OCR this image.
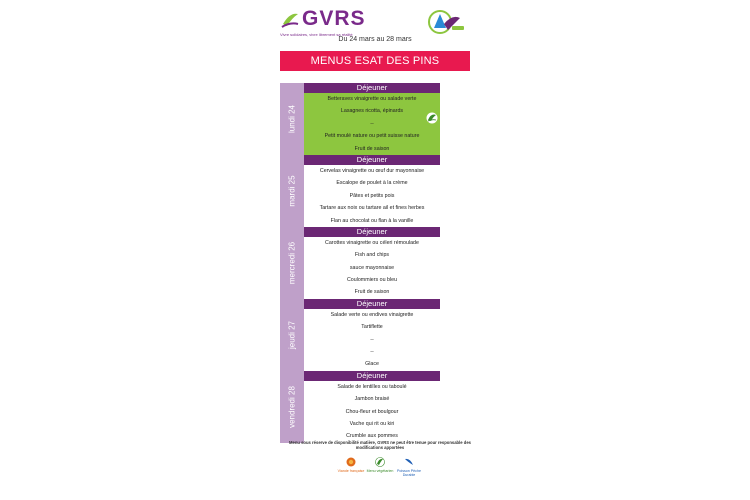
GVRS
Vivre solidaires, vivre librement sa réalité
Du 24 mars au 28 mars
MENUS ESAT DES PINS
lundi 24
Déjeuner
Betteraves vinaigrette ou salade verte
Lasagnes ricotta, épinards
--
Petit moulé nature ou petit suisse nature
Fruit de saison
mardi 25
Déjeuner
Cervelas vinaigrette ou œuf dur mayonnaise
Escalope de poulet à la crème
Pâtes et petits pois
Tartare aux noix ou tartare ail et fines herbes
Flan au chocolat ou flan à la vanille
mercredi 26
Déjeuner
Carottes vinaigrette ou céleri rémoulade
Fish and chips
sauce mayonnaise
Coulommiers ou bleu
Fruit de saison
jeudi 27
Déjeuner
Salade verte ou endives vinaigrette
Tartiflette
--
--
Glace
vendredi 28
Déjeuner
Salade de lentilles ou taboulé
Jambon braisé
Chou-fleur et boulgour
Vache qui rit ou kiri
Crumble aux pommes
Menu sous réserve de disponibilité matière, GVRS ne peut être tenue pour responsable des modifications apportées
Viande française Menu végétarien	Poisson Pêche Durable
